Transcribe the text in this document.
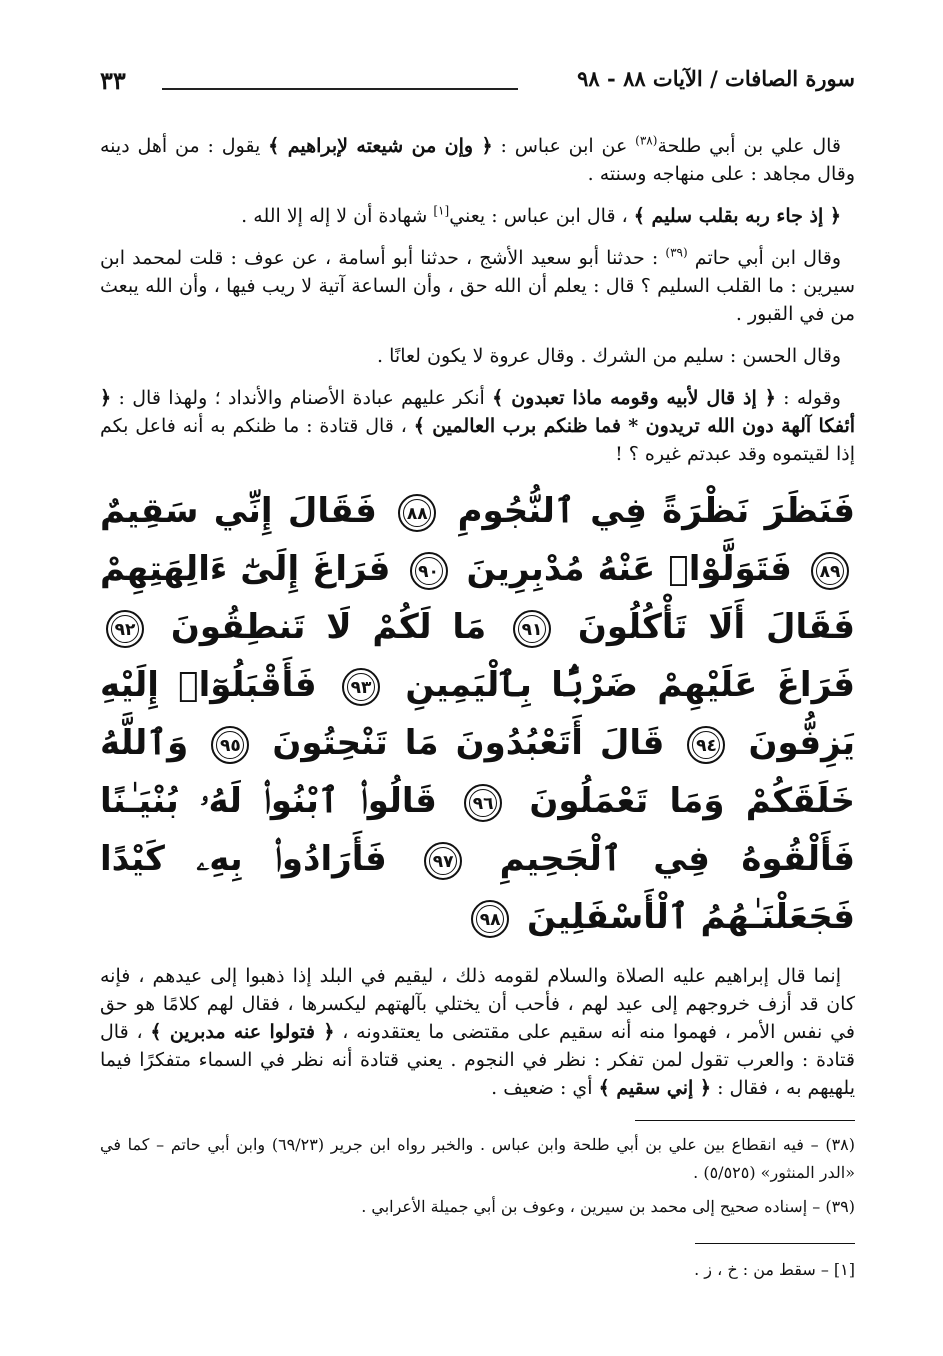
سورة الصافات / الآيات ٨٨ - ٩٨
٣٣

قال علي بن أبي طلحة$^{(٣٨)}$ عن ابن عباس : ﴿ وإن من شيعته لإبراهيم ﴾ يقول : من أهل دينه وقال مجاهد : على منهاجه وسنته .

﴿ إذ جاء ربه بقلب سليم ﴾ ، قال ابن عباس : يعني[١] شهادة أن لا إله إلا الله .

وقال ابن أبي حاتم $^{(٣٩)}$ : حدثنا أبو سعيد الأشج ، حدثنا أبو أسامة ، عن عوف : قلت لمحمد ابن سيرين : ما القلب السليم ؟ قال : يعلم أن الله حق ، وأن الساعة آتية لا ريب فيها ، وأن الله يبعث من في القبور .

وقال الحسن : سليم من الشرك . وقال عروة لا يكون لعانًا .

وقوله : ﴿ إذ قال لأبيه وقومه ماذا تعبدون ﴾ أنكر عليهم عبادة الأصنام والأنداد ؛ ولهذا قال : ﴿ أئفكا آلهة دون الله تريدون * فما ظنكم برب العالمين ﴾ ، قال قتادة : ما ظنكم به أنه فاعل بكم إذا لقيتموه وقد عبدتم غيره ؟ !

فَنَظَرَ نَظْرَةً فِي ٱلنُّجُومِ ٨٨ فَقَالَ إِنِّي سَقِيمٌ ٨٩ فَتَوَلَّوْا۟ عَنْهُ مُدْبِرِينَ ٩٠ فَرَاغَ إِلَىٰٓ ءَالِهَتِهِمْ فَقَالَ أَلَا تَأْكُلُونَ ٩١ مَا لَكُمْ لَا تَنطِقُونَ ٩٢ فَرَاغَ عَلَيْهِمْ ضَرْبًۢا بِٱلْيَمِينِ ٩٣ فَأَقْبَلُوٓا۟ إِلَيْهِ يَزِفُّونَ ٩٤ قَالَ أَتَعْبُدُونَ مَا تَنْحِتُونَ ٩٥ وَٱللَّهُ خَلَقَكُمْ وَمَا تَعْمَلُونَ ٩٦ قَالُوا۟ ٱبْنُوا۟ لَهُۥ بُنْيَـٰنًا فَأَلْقُوهُ فِي ٱلْجَحِيمِ ٩٧ فَأَرَادُوا۟ بِهِۦ كَيْدًا فَجَعَلْنَـٰهُمُ ٱلْأَسْفَلِينَ ٩٨

إنما قال إبراهيم عليه الصلاة والسلام لقومه ذلك ، ليقيم في البلد إذا ذهبوا إلى عيدهم ، فإنه كان قد أزف خروجهم إلى عيد لهم ، فأحب أن يختلي بآلهتهم ليكسرها ، فقال لهم كلامًا هو حق في نفس الأمر ، فهموا منه أنه سقيم على مقتضى ما يعتقدونه ، ﴿ فتولوا عنه مدبرين ﴾ ، قال قتادة : والعرب تقول لمن تفكر : نظر في النجوم . يعني قتادة أنه نظر في السماء متفكرًا فيما يلهيهم به ، فقال : ﴿ إني سقيم ﴾ أي : ضعيف .

(٣٨) – فيه انقطاع بين علي بن أبي طلحة وابن عباس . والخبر رواه ابن جرير (٦٩/٢٣) وابن أبي حاتم – كما في «الدر المنثور» (٥/٥٢٥) .

(٣٩) – إسناده صحيح إلى محمد بن سيرين ، وعوف بن أبي جميلة الأعرابي .

[١] – سقط من : خ ، ز .
